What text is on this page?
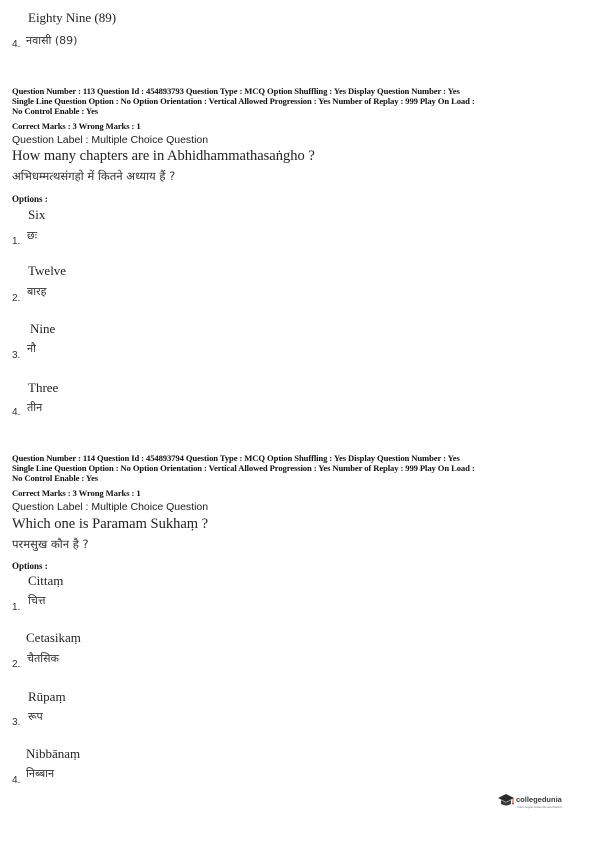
Eighty Nine (89)
4. नवासी (89)
Question Number : 113 Question Id : 454893793 Question Type : MCQ Option Shuffling : Yes Display Question Number : Yes
Single Line Question Option : No Option Orientation : Vertical Allowed Progression : Yes Number of Replay : 999 Play On Load :
No Control Enable : Yes
Correct Marks : 3 Wrong Marks : 1
Question Label : Multiple Choice Question
How many chapters are in Abhidhammathasaṅgho ?
अभिधम्मत्थसंगहो में कितने अध्याय हैं ?
Options :
Six
छः
1.
Twelve
बारह
2.
Nine
नौ
3.
Three
तीन
4.
Question Number : 114 Question Id : 454893794 Question Type : MCQ Option Shuffling : Yes Display Question Number : Yes
Single Line Question Option : No Option Orientation : Vertical Allowed Progression : Yes Number of Replay : 999 Play On Load :
No Control Enable : Yes
Correct Marks : 3 Wrong Marks : 1
Question Label : Multiple Choice Question
Which one is Paramam Sukhaṃ ?
परमसुख कौन है ?
Options :
Cittaṃ
चित्त
1.
Cetasikaṃ
चैतसिक
2.
Rūpaṃ
रूप
3.
Nibbānaṃ
निब्बान
4.
collegedunia
India's largest Student Review Platform
